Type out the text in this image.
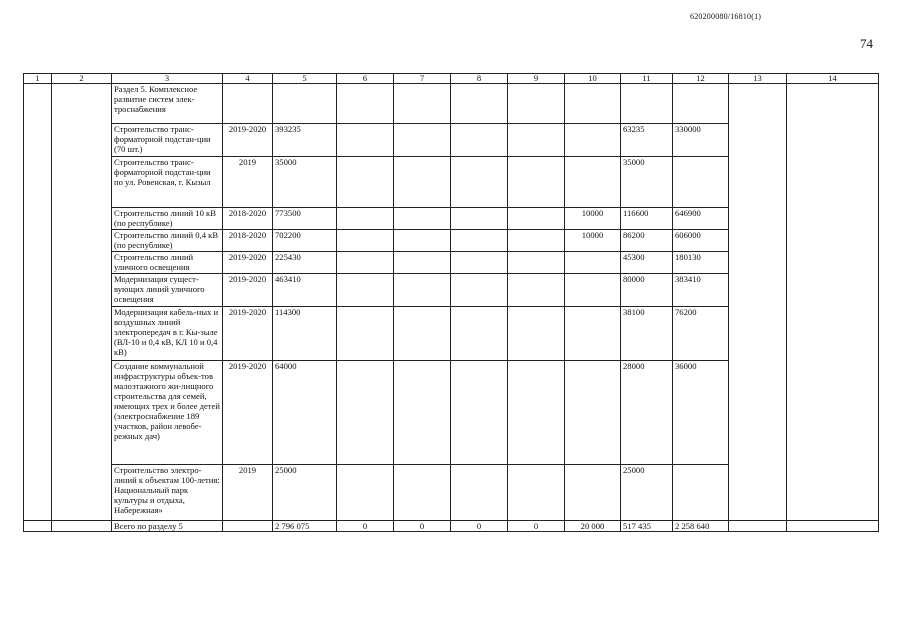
620200080/16810(1)
74
1	2	3	4	5	6	7	8	9	10	11	12	13	14
		Раздел 5. Комплексное развитие систем элек-троснабжения											
		Строительство транс-форматорной подстан-ции (70 шт.)	2019-2020	393235						63235	330000		
		Строительство транс-форматорной подстан-ции по ул. Ровенская, г. Кызыл	2019	35000						35000			
		Строительство линий 10 кВ (по республике)	2018-2020	773500					10000	116600	646900		
		Строительство линий 0,4 кВ (по республике)	2018-2020	702200					10000	86200	606000		
		Строительство линий уличного освещения	2019-2020	225430						45300	180130		
		Модернизация сущест-вующих линий уличного освещения	2019-2020	463410						80000	383410		
		Модернизация кабель-ных и воздушных линий электропередач в г. Кы-зыле (ВЛ-10 и 0,4 кВ, КЛ 10 и 0,4 кВ)	2019-2020	114300						38100	76200		
		Создание коммунальной инфраструктуры объек-тов малоэтажного жи-лищного строительства для семей, имеющих трех и более детей (электроснабжение 189 участков, район левобе-режных дач)	2019-2020	64000						28000	36000		
		Строительство электро-линий к объектам 100-летия: Национальный парк культуры и отдыха, Набережная»	2019	25000						25000			
		Всего по разделу 5		2 796 075	0	0	0	0	20 000	517 435	2 258 640		
